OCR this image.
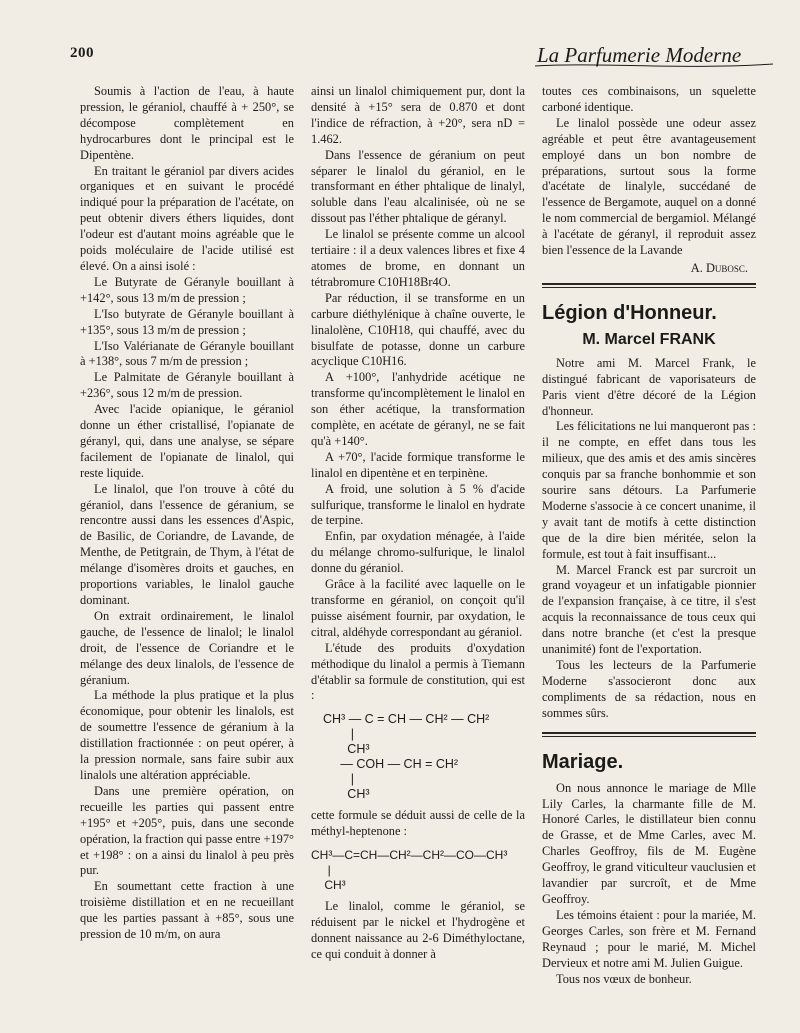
200	La Parfumerie Moderne

Soumis à l'action de l'eau, à haute pression, le géraniol, chauffé à + 250°, se décompose complètement en hydrocarbures dont le principal est le Dipentène.

En traitant le géraniol par divers acides organiques et en suivant le procédé indiqué pour la préparation de l'acétate, on peut obtenir divers éthers liquides, dont l'odeur est d'autant moins agréable que le poids moléculaire de l'acide utilisé est élevé. On a ainsi isolé :

Le Butyrate de Géranyle bouillant à +142°, sous 13 m/m de pression ;

L'Iso butyrate de Géranyle bouillant à +135°, sous 13 m/m de pression ;

L'Iso Valérianate de Géranyle bouillant à +138°, sous 7 m/m de pression ;

Le Palmitate de Géranyle bouillant à +236°, sous 12 m/m de pression.

Avec l'acide opianique, le géraniol donne un éther cristallisé, l'opianate de géranyl, qui, dans une analyse, se sépare facilement de l'opianate de linalol, qui reste liquide.

Le linalol, que l'on trouve à côté du géraniol, dans l'essence de géranium, se rencontre aussi dans les essences d'Aspic, de Basilic, de Coriandre, de Lavande, de Menthe, de Petitgrain, de Thym, à l'état de mélange d'isomères droits et gauches, en proportions variables, le linalol gauche dominant.

On extrait ordinairement, le linalol gauche, de l'essence de linalol; le linalol droit, de l'essence de Coriandre et le mélange des deux linalols, de l'essence de géranium.

La méthode la plus pratique et la plus économique, pour obtenir les linalols, est de soumettre l'essence de géranium à la distillation fractionnée : on peut opérer, à la pression normale, sans faire subir aux linalols une altération appréciable.

Dans une première opération, on recueille les parties qui passent entre +195° et +205°, puis, dans une seconde opération, la fraction qui passe entre +197° et +198° : on a ainsi du linalol à peu près pur.

En soumettant cette fraction à une troisième distillation et en ne recueillant que les parties passant à +85°, sous une pression de 10 m/m, on aura

ainsi un linalol chimiquement pur, dont la densité à +15° sera de 0.870 et dont l'indice de réfraction, à +20°, sera nD = 1.462.

Dans l'essence de géranium on peut séparer le linalol du géraniol, en le transformant en éther phtalique de linalyl, soluble dans l'eau alcalinisée, où ne se dissout pas l'éther phtalique de géranyl.

Le linalol se présente comme un alcool tertiaire : il a deux valences libres et fixe 4 atomes de brome, en donnant un tétrabromure C10H18Br4O.

Par réduction, il se transforme en un carbure diéthylénique à chaîne ouverte, le linalolène, C10H18, qui chauffé, avec du bisulfate de potasse, donne un carbure acyclique C10H16.

A +100°, l'anhydride acétique ne transforme qu'incomplètement le linalol en son éther acétique, la transformation complète, en acétate de géranyl, ne se fait qu'à +140°.

A +70°, l'acide formique transforme le linalol en dipentène et en terpinène.

A froid, une solution à 5 % d'acide sulfurique, transforme le linalol en hydrate de terpine.

Enfin, par oxydation ménagée, à l'aide du mélange chromo-sulfurique, le linalol donne du géraniol.

Grâce à la facilité avec laquelle on le transforme en géraniol, on conçoit qu'il puisse aisément fournir, par oxydation, le citral, aldéhyde correspondant au géraniol.

L'étude des produits d'oxydation méthodique du linalol a permis à Tiemann d'établir sa formule de constitution, qui est :

CH³ — C = CH — CH² — CH²
|
CH³
— COH — CH = CH²
|
CH³

cette formule se déduit aussi de celle de la méthyl-heptenone :

CH³—C=CH—CH²—CH²—CO—CH³
|
CH³

Le linalol, comme le géraniol, se réduisent par le nickel et l'hydrogène et donnent naissance au 2-6 Diméthyloctane, ce qui conduit à donner à

toutes ces combinaisons, un squelette carboné identique.

Le linalol possède une odeur assez agréable et peut être avantageusement employé dans un bon nombre de préparations, surtout sous la forme d'acétate de linalyle, succédané de l'essence de Bergamote, auquel on a donné le nom commercial de bergamiol. Mélangé à l'acétate de géranyl, il reproduit assez bien l'essence de la Lavande

A. Dubosc.

Légion d'Honneur.
M. Marcel FRANK

Notre ami M. Marcel Frank, le distingué fabricant de vaporisateurs de Paris vient d'être décoré de la Légion d'honneur.

Les félicitations ne lui manqueront pas : il ne compte, en effet dans tous les milieux, que des amis et des amis sincères conquis par sa franche bonhommie et son sourire sans détours. La Parfumerie Moderne s'associe à ce concert unanime, il y avait tant de motifs à cette distinction que de la dire bien méritée, selon la formule, est tout à fait insuffisant...

M. Marcel Franck est par surcroit un grand voyageur et un infatigable pionnier de l'expansion française, à ce titre, il s'est acquis la reconnaissance de tous ceux qui dans notre branche (et c'est la presque unanimité) font de l'exportation.

Tous les lecteurs de la Parfumerie Moderne s'associeront donc aux compliments de sa rédaction, nous en sommes sûrs.

Mariage.

On nous annonce le mariage de Mlle Lily Carles, la charmante fille de M. Honoré Carles, le distillateur bien connu de Grasse, et de Mme Carles, avec M. Charles Geoffroy, fils de M. Eugène Geoffroy, le grand viticulteur vauclusien et lavandier par surcroît, et de Mme Geoffroy.

Les témoins étaient : pour la mariée, M. Georges Carles, son frère et M. Fernand Reynaud ; pour le marié, M. Michel Dervieux et notre ami M. Julien Guigue.

Tous nos vœux de bonheur.
